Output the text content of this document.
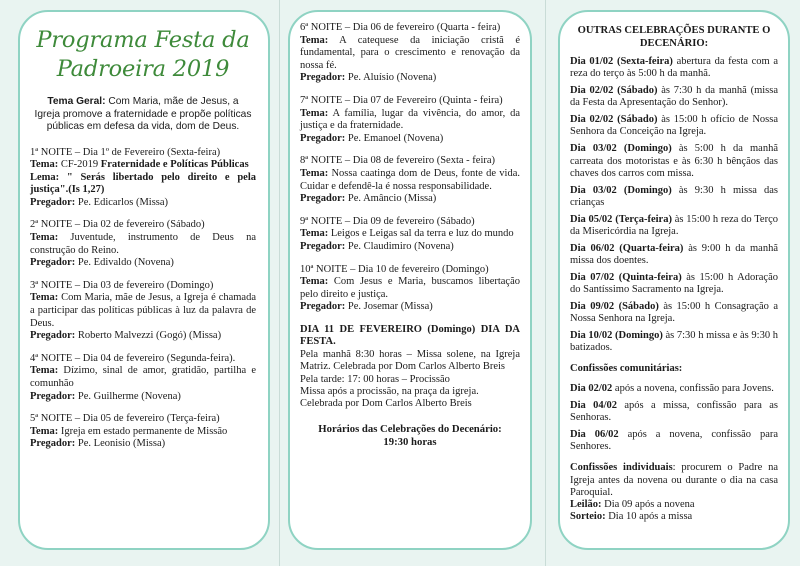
Programa Festa da
Padroeira 2019
Tema Geral: Com Maria, mãe de Jesus, a Igreja promove a fraternidade e propõe políticas públicas em defesa da vida, dom de Deus.

1ª NOITE – Dia 1º de Fevereiro (Sexta-feira)

Tema: CF-2019 Fraternidade e Políticas Públicas

Lema: " Serás libertado pelo direito e pela justiça".(Is 1,27)

Pregador: Pe. Edicarlos (Missa)

2ª NOITE – Dia 02 de fevereiro (Sábado)

Tema: Juventude, instrumento de Deus na construção do Reino.

Pregador: Pe. Edivaldo (Novena)

3ª NOITE – Dia 03 de fevereiro (Domingo)

Tema: Com Maria, mãe de Jesus, a Igreja é chamada a participar das políticas públicas à luz da palavra de Deus.

Pregador: Roberto Malvezzi (Gogó) (Missa)

4ª NOITE – Dia 04 de fevereiro (Segunda-feira).

Tema: Dízimo, sinal de amor, gratidão, partilha e comunhão

Pregador: Pe. Guilherme (Novena)

5ª NOITE – Dia 05 de fevereiro (Terça-feira)

Tema: Igreja em estado permanente de Missão

Pregador: Pe. Leonisio (Missa)

6ª NOITE – Dia 06 de fevereiro (Quarta - feira)

Tema: A catequese da iniciação cristã é fundamental, para o crescimento e renovação da nossa fé.

Pregador: Pe. Aluísio (Novena)

7ª NOITE – Dia 07 de Fevereiro (Quinta - feira)

Tema: A família, lugar da vivência, do amor, da justiça e da fraternidade.

Pregador: Pe. Emanoel (Novena)

8ª NOITE – Dia 08 de fevereiro (Sexta - feira)

Tema: Nossa caatinga dom de Deus, fonte de vida. Cuidar e defendê-la é nossa responsabilidade.

Pregador: Pe. Amâncio (Missa)

9ª NOITE – Dia 09 de fevereiro (Sábado)

Tema: Leigos e Leigas sal da terra e luz do mundo

Pregador: Pe. Claudimiro (Novena)

10ª NOITE – Dia 10 de fevereiro (Domingo)

Tema: Com Jesus e Maria, buscamos libertação pelo direito e justiça.

Pregador: Pe. Josemar (Missa)

DIA 11 DE FEVEREIRO (Domingo) DIA DA FESTA.

Pela manhã 8:30 horas – Missa solene, na Igreja Matriz. Celebrada por Dom Carlos Alberto Breis

Pela tarde: 17: 00 horas – Procissão

Missa após a procissão, na praça da igreja.

Celebrada por Dom Carlos Alberto Breis

Horários das Celebrações do Decenário:
19:30 horas
OUTRAS CELEBRAÇÕES DURANTE O DECENÁRIO:

Dia 01/02 (Sexta-feira) abertura da festa com a reza do terço às 5:00 h da manhã.

Dia 02/02 (Sábado) às 7:30 h da manhã (missa da Festa da Apresentação do Senhor).

Dia 02/02 (Sábado) às 15:00 h ofício de Nossa Senhora da Conceição na Igreja.

Dia 03/02 (Domingo) às 5:00 h da manhã carreata dos motoristas e às 6:30 h bênçãos das chaves dos carros com missa.

Dia 03/02 (Domingo) às 9:30 h missa das crianças

Dia 05/02 (Terça-feira) às 15:00 h reza do Terço da Misericórdia na Igreja.

Dia 06/02 (Quarta-feira) às 9:00 h da manhã missa dos doentes.

Dia 07/02 (Quinta-feira) às 15:00 h Adoração do Santíssimo Sacramento na Igreja.

Dia 09/02 (Sábado) às 15:00 h Consagração a Nossa Senhora na Igreja.

Dia 10/02 (Domingo) às 7:30 h missa e às 9:30 h batizados.

Confissões comunitárias:

Dia 02/02 após a novena, confissão para Jovens.

Dia 04/02 após a missa, confissão para as Senhoras.

Dia 06/02 após a novena, confissão para Senhores.

Confissões individuais: procurem o Padre na Igreja antes da novena ou durante o dia na casa Paroquial.

Leilão: Dia 09 após a novena

Sorteio: Dia 10 após a missa
